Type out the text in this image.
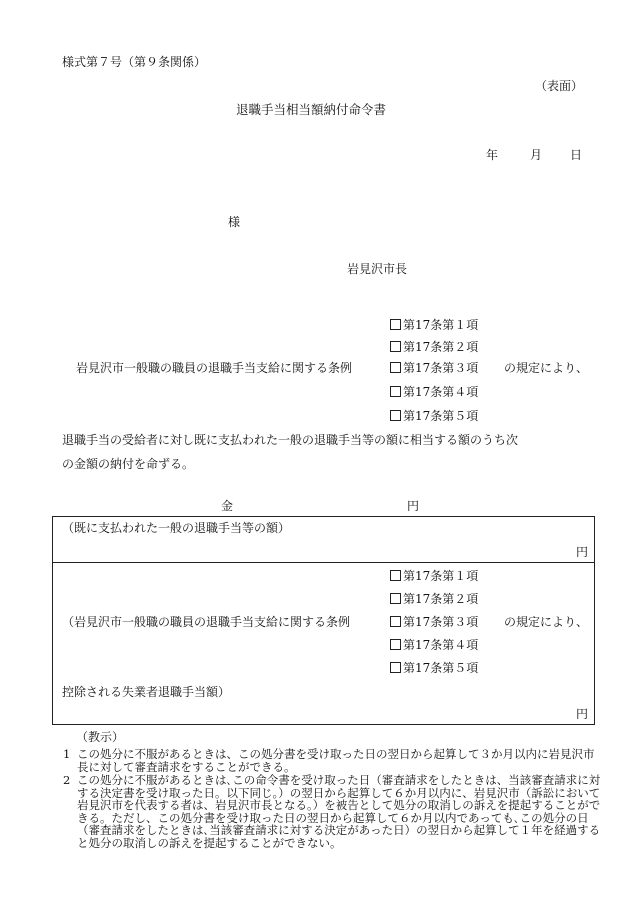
様式第７号（第９条関係）
（表面）
退職手当相当額納付命令書
年	月 日
様
岩見沢市長
第17条第１項
第17条第２項
第17条第３項
第17条第４項
第17条第５項
岩見沢市一般職の職員の退職手当支給に関する条例	の規定により、
退職手当の受給者に対し既に支払われた一般の退職手当等の額に相当する額のうち次
の金額の納付を命ずる。
金	円
（既に支払われた一般の退職手当等の額）
円
第17条第１項
第17条第２項
第17条第３項
第17条第４項
第17条第５項
（岩見沢市一般職の職員の退職手当支給に関する条例	の規定により、
控除される失業者退職手当額）
円
（教示）
1 この処分に不服があるときは、この処分書を受け取った日の翌日から起算して３か月以内に岩見沢市長に対して審査請求をすることができる。
2 この処分に不服があるときは､この命令書を受け取った日（審査請求をしたときは、当該審査請求に対する決定書を受け取った日。以下同じ。）の翌日から起算して６か月以内に、岩見沢市（訴訟において岩見沢市を代表する者は、岩見沢市長となる。）を被告として処分の取消しの訴えを提起することができる。ただし、この処分書を受け取った日の翌日から起算して６か月以内であっても､この処分の日（審査請求をしたときは､当該審査請求に対する決定があった日）の翌日から起算して１年を経過すると処分の取消しの訴えを提起することができない。
